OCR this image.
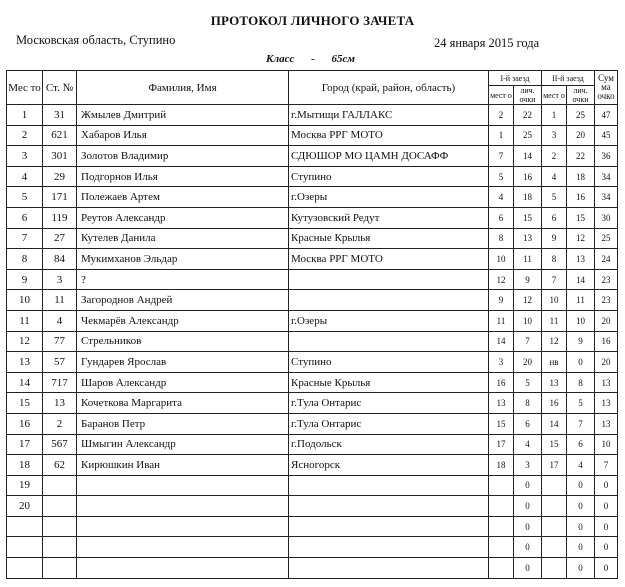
ПРОТОКОЛ ЛИЧНОГО ЗАЧЕТА
Московская область, Ступино	24 января 2015 года
Класс - 65см
Мес то	Ст. №	Фамилия, Имя	Город (край, район, область)	I-й заезд		II-й заезд		Сум ма очко
				мест о	лич. очки	мест о	лич. очки	
1	31	Жмылев Дмитрий	г.Мытищи ГАЛЛАКС	2	22	1	25	47
2	621	Хабаров Илья	Москва РРГ МОТО	1	25	3	20	45
3	301	Золотов Владимир	СДЮШОР МО ЦАМН ДОСАФФ	7	14	2	22	36
4	29	Подгорнов Илья	Ступино	5	16	4	18	34
5	171	Полежаев Артем	г.Озеры	4	18	5	16	34
6	119	Реутов Александр	Кутузовский Редут	6	15	6	15	30
7	27	Кутелев Данила	Красные Крылья	8	13	9	12	25
8	84	Мукимханов Эльдар	Москва РРГ МОТО	10	11	8	13	24
9	3	?		12	9	7	14	23
10	11	Загороднов Андрей		9	12	10	11	23
11	4	Чекмарёв Александр	г.Озеры	11	10	11	10	20
12	77	Стрельников		14	7	12	9	16
13	57	Гундарев Ярослав	Ступино	3	20	нв	0	20
14	717	Шаров Александр	Красные Крылья	16	5	13	8	13
15	13	Кочеткова Маргарита	г.Тула Онтарис	13	8	16	5	13
16	2	Баранов Петр	г.Тула Онтарис	15	6	14	7	13
17	567	Шмыгин Александр	г.Подольск	17	4	15	6	10
18	62	Кирюшкин Иван	Ясногорск	18	3	17	4	7
19					0		0	0
20					0		0	0
					0		0	0
					0		0	0
					0		0	0
